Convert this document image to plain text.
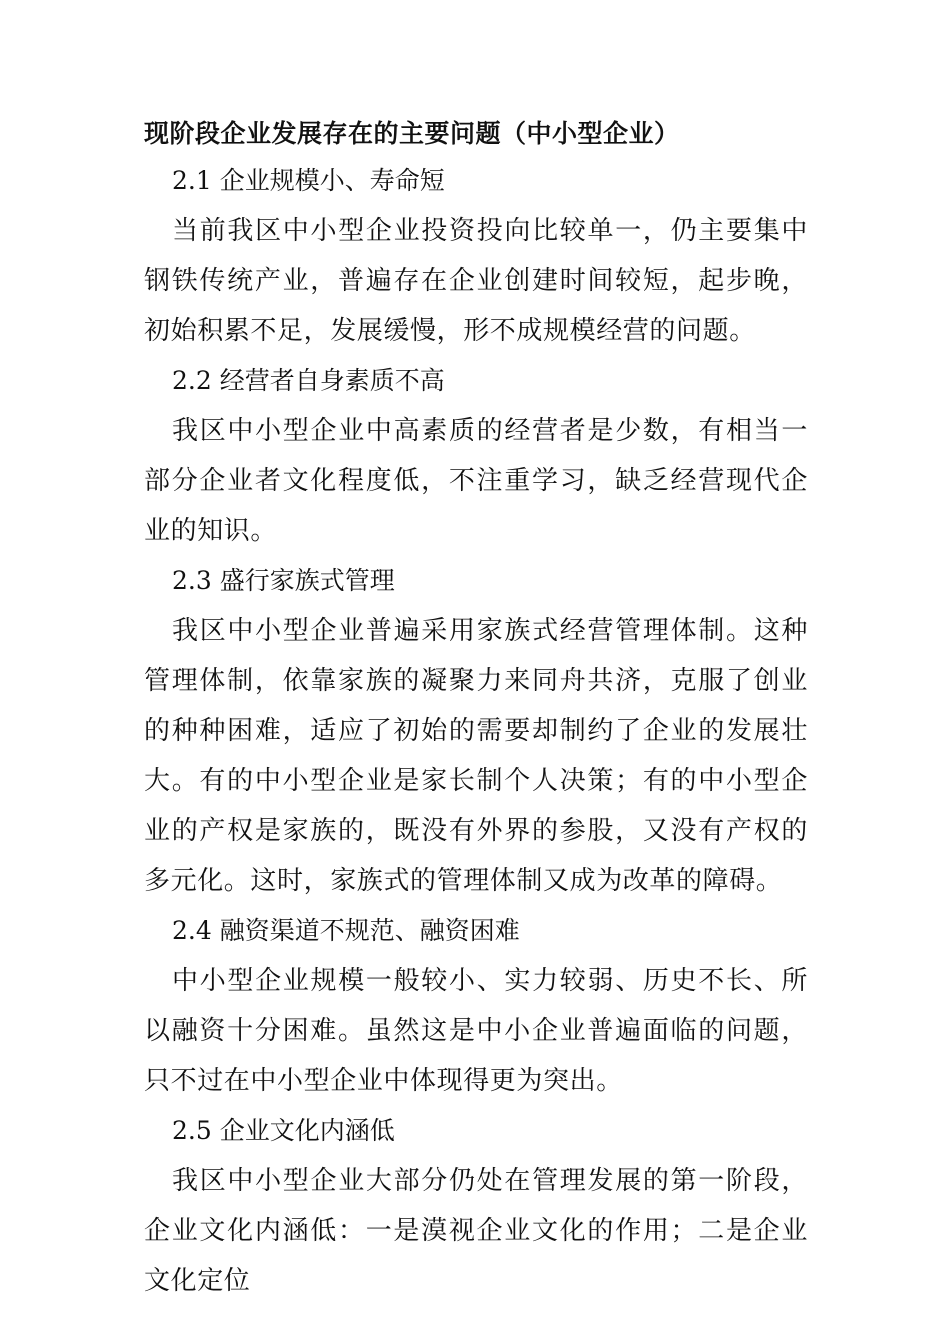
现阶段企业发展存在的主要问题（中小型企业）
2.1 企业规模小、寿命短

当前我区中小型企业投资投向比较单一，仍主要集中钢铁传统产业，普遍存在企业创建时间较短，起步晚，初始积累不足，发展缓慢，形不成规模经营的问题。

2.2 经营者自身素质不高

我区中小型企业中高素质的经营者是少数，有相当一部分企业者文化程度低，不注重学习，缺乏经营现代企业的知识。

2.3 盛行家族式管理

我区中小型企业普遍采用家族式经营管理体制。这种管理体制，依靠家族的凝聚力来同舟共济，克服了创业的种种困难，适应了初始的需要却制约了企业的发展壮大。有的中小型企业是家长制个人决策；有的中小型企业的产权是家族的，既没有外界的参股，又没有产权的多元化。这时，家族式的管理体制又成为改革的障碍。

2.4 融资渠道不规范、融资困难

中小型企业规模一般较小、实力较弱、历史不长、所以融资十分困难。虽然这是中小企业普遍面临的问题，只不过在中小型企业中体现得更为突出。

2.5 企业文化内涵低

我区中小型企业大部分仍处在管理发展的第一阶段，企业文化内涵低：一是漠视企业文化的作用；二是企业文化定位
